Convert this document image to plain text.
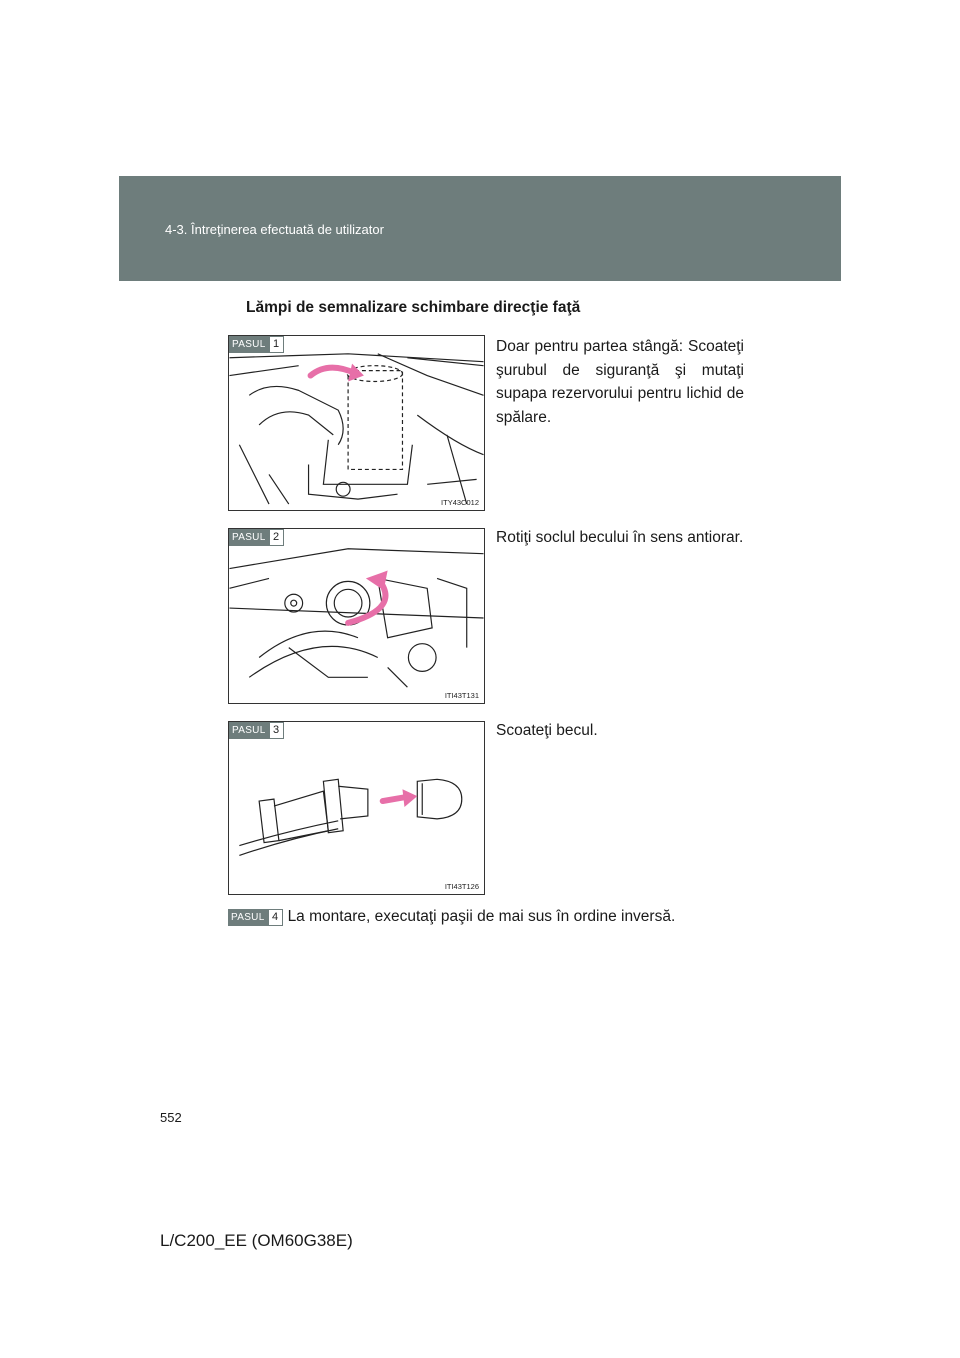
4-3. Întreţinerea efectuată de utilizator
Lămpi de semnalizare schimbare direcţie faţă
PASUL 1
ITY43C012
Doar pentru partea stângă: Scoateţi şurubul de siguranţă şi mutaţi supapa rezervorului pentru lichid de spălare.
PASUL 2
ITI43T131
Rotiţi soclul becului în sens antiorar.
PASUL 3
ITI43T126
Scoateţi becul.
PASUL 4 La montare, executaţi paşii de mai sus în ordine inversă.
552
L/C200_EE (OM60G38E)
